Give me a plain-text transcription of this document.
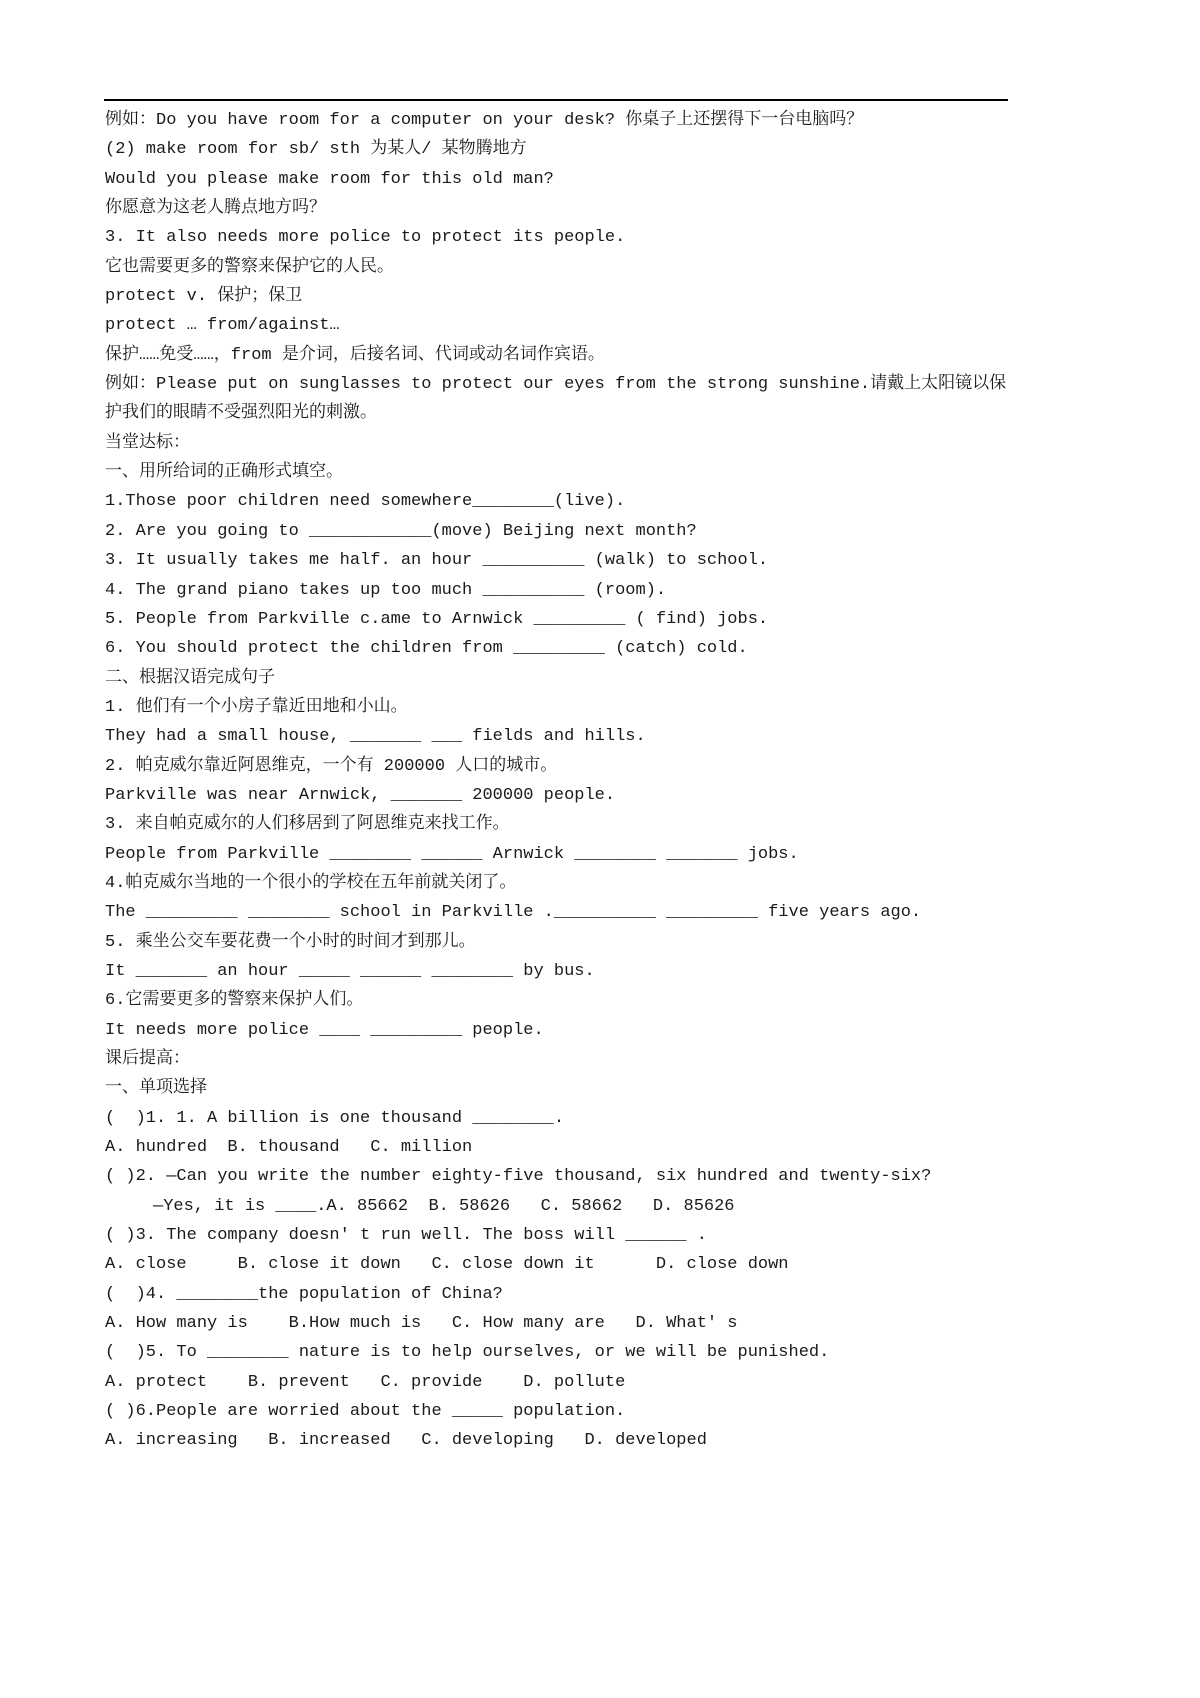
例如：Do you have room for a computer on your desk? 你桌子上还摆得下一台电脑吗？
(2) make room for sb/ sth 为某人/ 某物腾地方
Would you please make room for this old man?
你愿意为这老人腾点地方吗？
3. It also needs more police to protect its people.
它也需要更多的警察来保护它的人民。
protect v. 保护；保卫
protect … from/against…
保护……免受……，from 是介词，后接名词、代词或动名词作宾语。
例如：Please put on sunglasses to protect our eyes from the strong sunshine.请戴上太阳镜以保
护我们的眼睛不受强烈阳光的刺激。
当堂达标：
一、用所给词的正确形式填空。
1.Those poor children need somewhere________(live).
2. Are you going to ____________(move) Beijing next month?
3. It usually takes me half. an hour __________ (walk) to school.
4. The grand piano takes up too much __________ (room).
5. People from Parkville c.ame to Arnwick _________ ( find) jobs.
6. You should protect the children from _________ (catch) cold.
二、根据汉语完成句子
1. 他们有一个小房子靠近田地和小山。
They had a small house, _______ ___ fields and hills.
2. 帕克威尔靠近阿恩维克，一个有 200000 人口的城市。
Parkville was near Arnwick, _______ 200000 people.
3. 来自帕克威尔的人们移居到了阿恩维克来找工作。
People from Parkville ________ ______ Arnwick ________ _______ jobs.
4.帕克威尔当地的一个很小的学校在五年前就关闭了。
The _________ ________ school in Parkville .__________ _________ five years ago.
5. 乘坐公交车要花费一个小时的时间才到那儿。
It _______ an hour _____ ______ ________ by bus.
6.它需要更多的警察来保护人们。
It needs more police ____ _________ people.
课后提高：
一、单项选择
(  )1. 1. A billion is one thousand ________.
A. hundred  B. thousand   C. million
( )2. —Can you write the number eighty-five thousand, six hundred and twenty-six?
—Yes, it is ____.A. 85662  B. 58626   C. 58662   D. 85626
( )3. The company doesn' t run well. The boss will ______ .
A. close     B. close it down   C. close down it      D. close down
(  )4. ________the population of China?
A. How many is    B.How much is   C. How many are   D. What' s
(  )5. To ________ nature is to help ourselves, or we will be punished.
A. protect    B. prevent   C. provide    D. pollute
( )6.People are worried about the _____ population.
A. increasing   B. increased   C. developing   D. developed
